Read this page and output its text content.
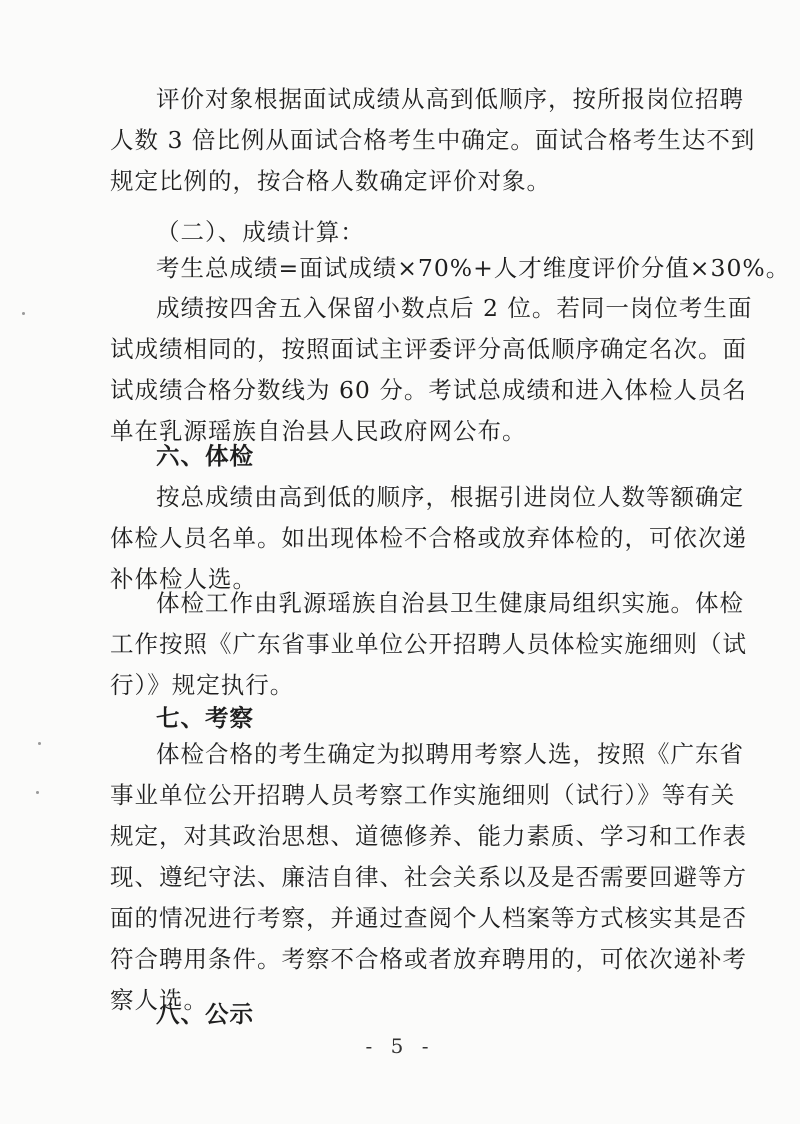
评价对象根据面试成绩从高到低顺序，按所报岗位招聘
人数 3 倍比例从面试合格考生中确定。面试合格考生达不到
规定比例的，按合格人数确定评价对象。

（二）、成绩计算：

考生总成绩=面试成绩×70%+人才维度评价分值×30%。

成绩按四舍五入保留小数点后 2 位。若同一岗位考生面
试成绩相同的，按照面试主评委评分高低顺序确定名次。面
试成绩合格分数线为 60 分。考试总成绩和进入体检人员名
单在乳源瑶族自治县人民政府网公布。

六、体检

按总成绩由高到低的顺序，根据引进岗位人数等额确定
体检人员名单。如出现体检不合格或放弃体检的，可依次递
补体检人选。

体检工作由乳源瑶族自治县卫生健康局组织实施。体检
工作按照《广东省事业单位公开招聘人员体检实施细则（试
行）》规定执行。

七、考察

体检合格的考生确定为拟聘用考察人选，按照《广东省
事业单位公开招聘人员考察工作实施细则（试行）》等有关
规定，对其政治思想、道德修养、能力素质、学习和工作表
现、遵纪守法、廉洁自律、社会关系以及是否需要回避等方
面的情况进行考察，并通过查阅个人档案等方式核实其是否
符合聘用条件。考察不合格或者放弃聘用的，可依次递补考
察人选。

八、公示

- 5 -
